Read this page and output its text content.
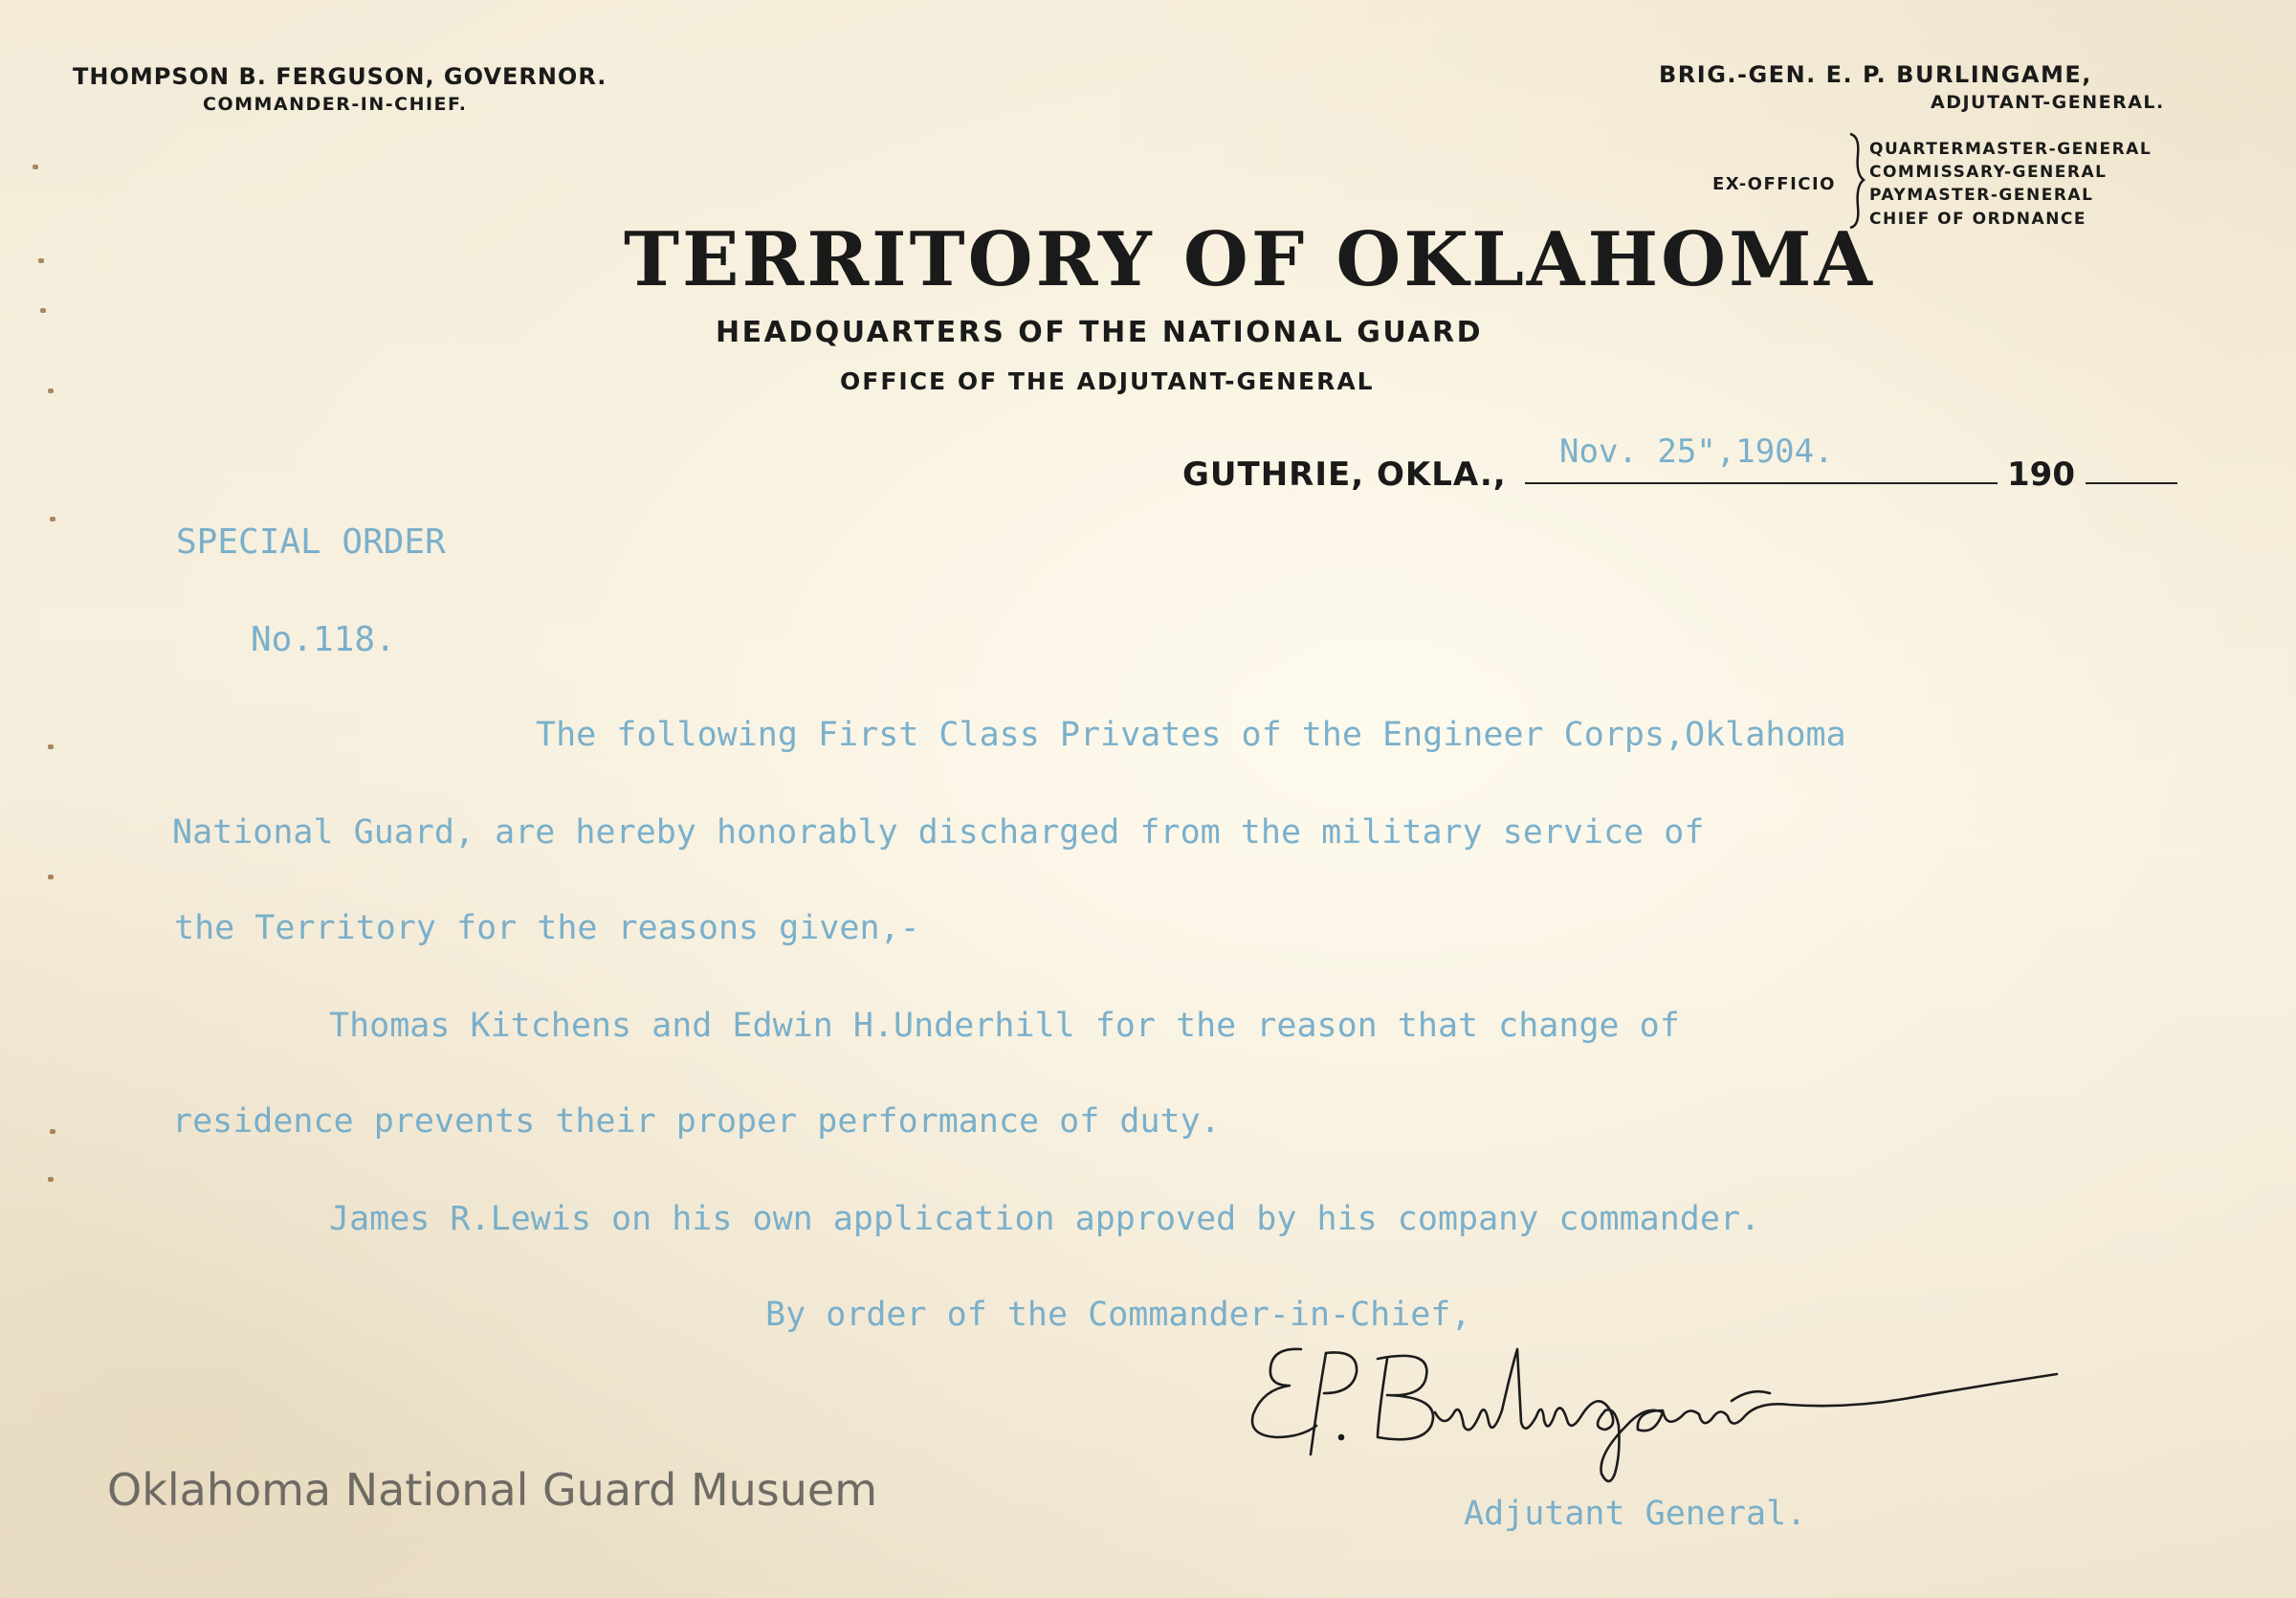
THOMPSON B. FERGUSON, GOVERNOR.
COMMANDER-IN-CHIEF.
BRIG.-GEN. E. P. BURLINGAME,
ADJUTANT-GENERAL.
EX-OFFICIO
QUARTERMASTER-GENERAL
COMMISSARY-GENERAL
PAYMASTER-GENERAL
CHIEF OF ORDNANCE
TERRITORY OF OKLAHOMA
HEADQUARTERS OF THE NATIONAL GUARD
OFFICE OF THE ADJUTANT-GENERAL
GUTHRIE, OKLA.,
Nov. 25",1904.
190
SPECIAL ORDER
No.118.
The following First Class Privates of the Engineer Corps,Oklahoma
National Guard, are hereby honorably discharged from the military service of
the Territory for the reasons given,-
Thomas Kitchens and Edwin H.Underhill for the reason that change of
residence prevents their proper performance of duty.
James R.Lewis on his own application approved by his company commander.
By order of the Commander-in-Chief,
Adjutant General.
Oklahoma National Guard Musuem
